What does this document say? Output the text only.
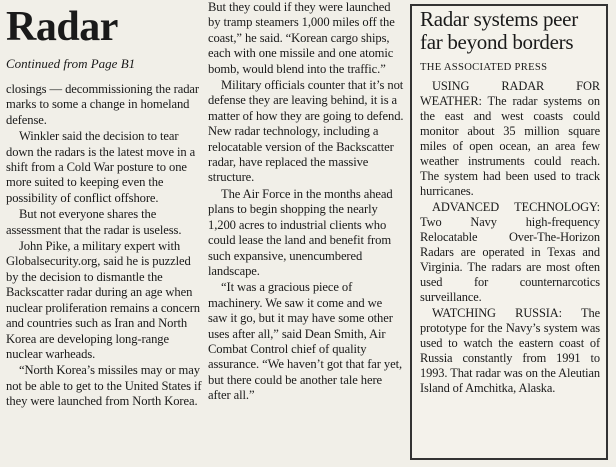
Radar
Continued from Page B1

closings — decommissioning the radar marks to some a change in homeland defense.

Winkler said the decision to tear down the radars is the latest move in a shift from a Cold War posture to one more suited to keeping even the possibility of conflict offshore.

But not everyone shares the assessment that the radar is useless.

John Pike, a military expert with Globalsecurity.org, said he is puzzled by the decision to dismantle the Backscatter radar during an age when nuclear proliferation remains a concern and countries such as Iran and North Korea are developing long-range nuclear warheads.

“North Korea’s missiles may or may not be able to get to the United States if they were launched from North Korea.

But they could if they were launched by tramp steamers 1,000 miles off the coast,” he said. “Korean cargo ships, each with one missile and one atomic bomb, would blend into the traffic.”

Military officials counter that it’s not defense they are leaving behind, it is a matter of how they are going to defend. New radar technology, including a relocatable version of the Backscatter radar, have replaced the massive structure.

The Air Force in the months ahead plans to begin shopping the nearly 1,200 acres to industrial clients who could lease the land and benefit from such expansive, unencumbered landscape.

“It was a gracious piece of machinery. We saw it come and we saw it go, but it may have some other uses after all,” said Dean Smith, Air Combat Control chief of quality assurance. “We haven’t got that far yet, but there could be another tale here after all.”

Radar systems peer far beyond borders
THE ASSOCIATED PRESS

USING RADAR FOR WEATHER: The radar systems on the east and west coasts could monitor about 35 million square miles of open ocean, an area few weather instruments could reach. The system had been used to track hurricanes.

ADVANCED TECHNOLOGY: Two Navy high-frequency Relocatable Over-The-Horizon Radars are operated in Texas and Virginia. The radars are most often used for counternarcotics surveillance.

WATCHING RUSSIA: The prototype for the Navy’s system was used to watch the eastern coast of Russia constantly from 1991 to 1993. That radar was on the Aleutian Island of Amchitka, Alaska.
